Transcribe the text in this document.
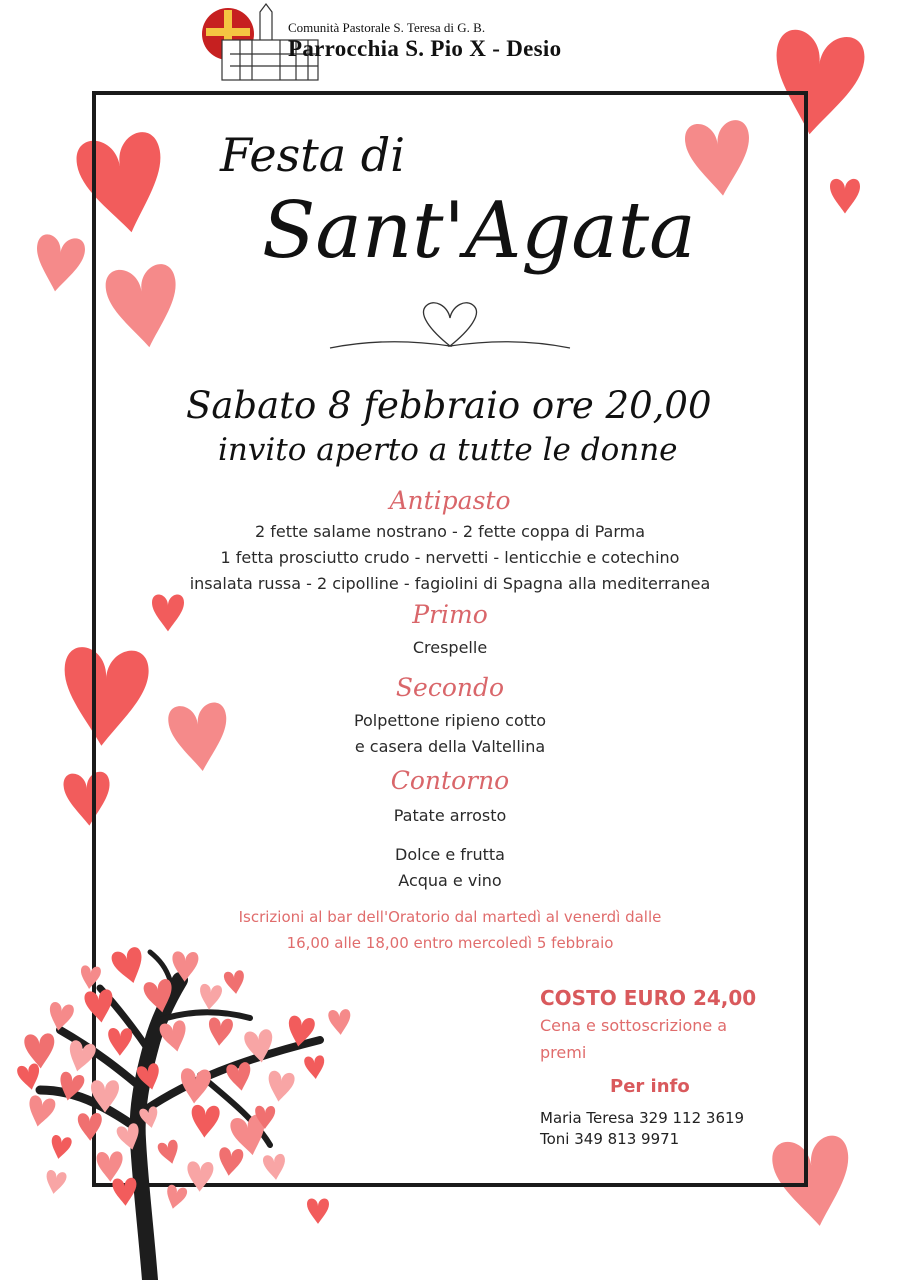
Comunità Pastorale S. Teresa di G. B.
Parrocchia S. Pio X - Desio
Festa di
Sant'Agata
Sabato 8 febbraio ore 20,00
invito aperto a tutte le donne
Antipasto
2 fette salame nostrano - 2 fette coppa di Parma
1 fetta prosciutto crudo - nervetti - lenticchie e cotechino
insalata russa - 2 cipolline - fagiolini di Spagna alla mediterranea
Primo
Crespelle
Secondo
Polpettone ripieno cotto
e casera della Valtellina
Contorno
Patate arrosto
Dolce e frutta
Acqua e vino
Iscrizioni al bar dell'Oratorio dal martedì al venerdì dalle
16,00 alle 18,00 entro mercoledì 5 febbraio
COSTO EURO 24,00
Cena e sottoscrizione a
premi
Per info
Maria Teresa 329 112 3619
Toni 349 813 9971
